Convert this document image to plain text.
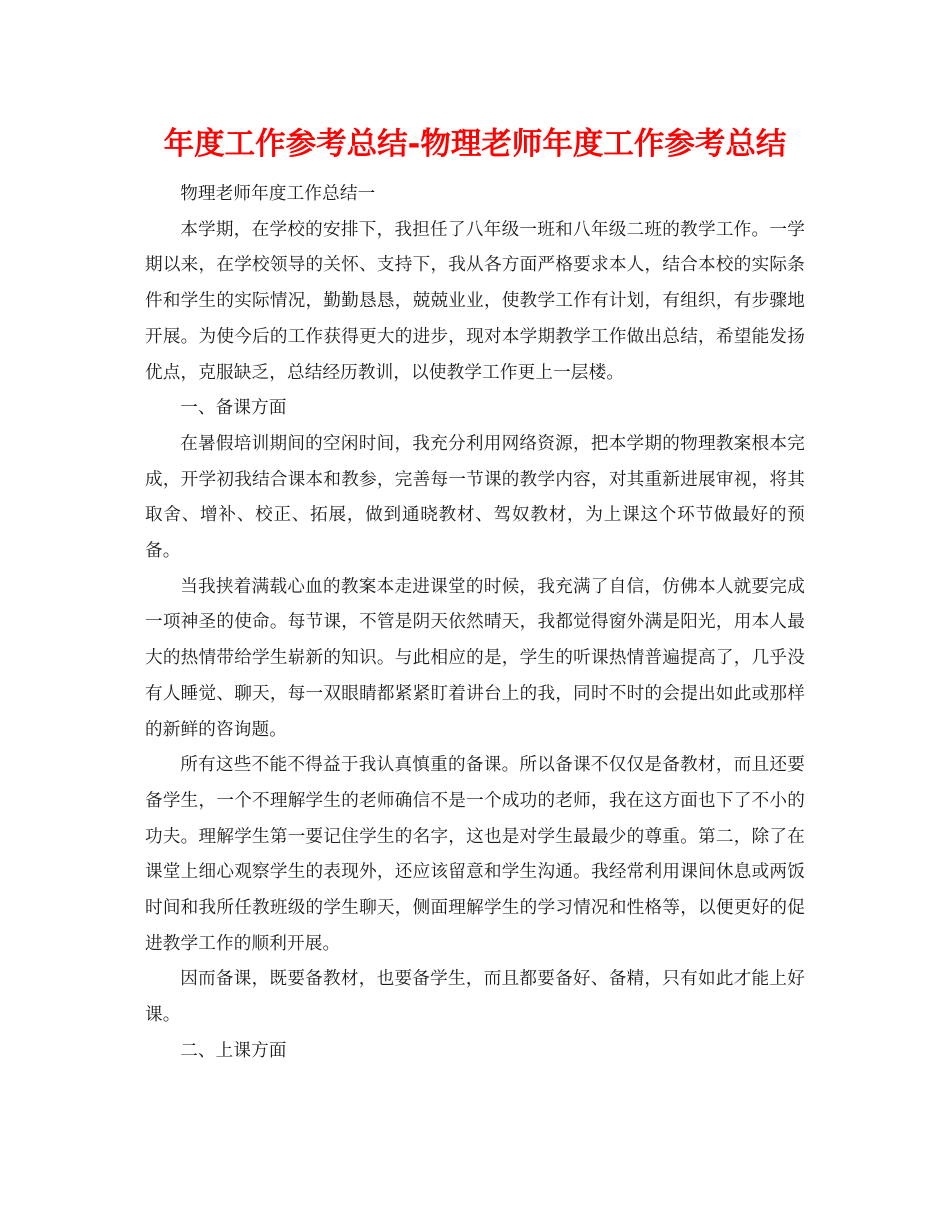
年度工作参考总结-物理老师年度工作参考总结

物理老师年度工作总结一

本学期，在学校的安排下，我担任了八年级一班和八年级二班的教学工作。一学期以来，在学校领导的关怀、支持下，我从各方面严格要求本人，结合本校的实际条件和学生的实际情况，勤勤恳恳，兢兢业业，使教学工作有计划，有组织，有步骤地开展。为使今后的工作获得更大的进步，现对本学期教学工作做出总结，希望能发扬优点，克服缺乏，总结经历教训，以使教学工作更上一层楼。

一、备课方面

在暑假培训期间的空闲时间，我充分利用网络资源，把本学期的物理教案根本完成，开学初我结合课本和教参，完善每一节课的教学内容，对其重新进展审视，将其取舍、增补、校正、拓展，做到通晓教材、驾奴教材，为上课这个环节做最好的预备。

当我挟着满载心血的教案本走进课堂的时候，我充满了自信，仿佛本人就要完成一项神圣的使命。每节课，不管是阴天依然晴天，我都觉得窗外满是阳光，用本人最大的热情带给学生崭新的知识。与此相应的是，学生的听课热情普遍提高了，几乎没有人睡觉、聊天，每一双眼睛都紧紧盯着讲台上的我，同时不时的会提出如此或那样的新鲜的咨询题。

所有这些不能不得益于我认真慎重的备课。所以备课不仅仅是备教材，而且还要备学生，一个不理解学生的老师确信不是一个成功的老师，我在这方面也下了不小的功夫。理解学生第一要记住学生的名字，这也是对学生最最少的尊重。第二，除了在课堂上细心观察学生的表现外，还应该留意和学生沟通。我经常利用课间休息或两饭时间和我所任教班级的学生聊天，侧面理解学生的学习情况和性格等，以便更好的促进教学工作的顺利开展。

因而备课，既要备教材，也要备学生，而且都要备好、备精，只有如此才能上好课。

二、上课方面
